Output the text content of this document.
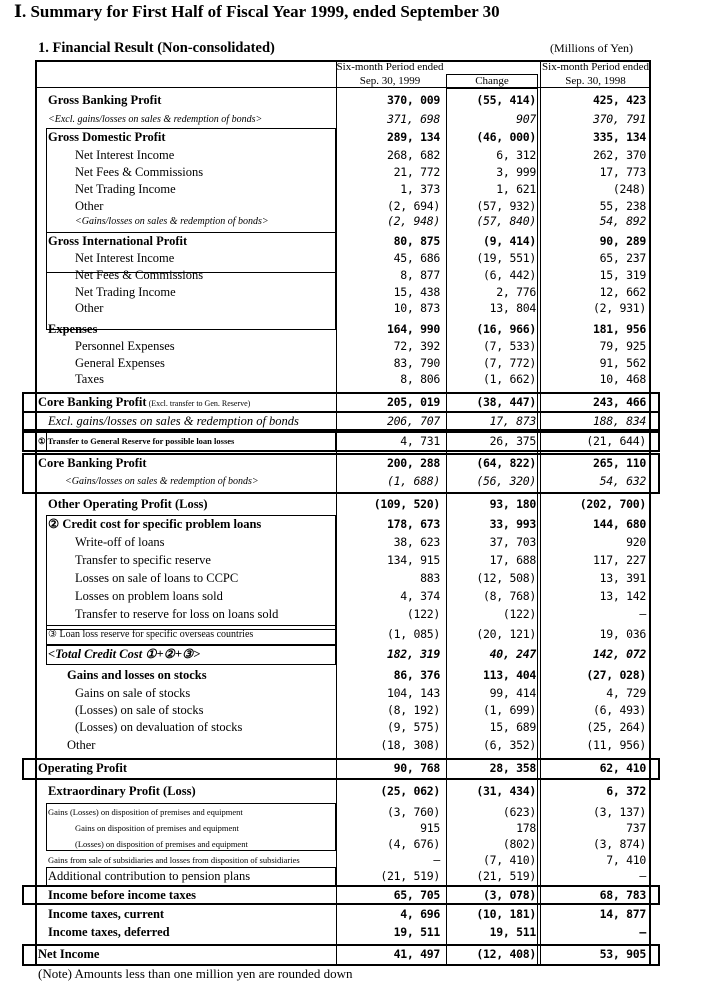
Ⅰ. Summary for First Half of Fiscal Year 1999, ended September 30
1. Financial Result (Non-consolidated)	(Millions of Yen)
Six-month Period ended Sep. 30, 1999	Change
Six-month Period ended Sep. 30, 1998
Gross Banking Profit	370, 009	(55, 414)	425, 423
<Excl. gains/losses on sales & redemption of bonds>	371, 698	907	370, 791
Gross Domestic Profit	289, 134	(46, 000)	335, 134
Net Interest Income	268, 682	6, 312	262, 370
Net Fees & Commissions	21, 772	3, 999	17, 773
Net Trading Income	1, 373	1, 621	(248)
Other	(2, 694)	(57, 932)	55, 238
<Gains/losses on sales & redemption of bonds>	(2, 948)	(57, 840)	54, 892
Gross International Profit	80, 875	(9, 414)	90, 289
Net Interest Income	45, 686	(19, 551)	65, 237
Net Fees & Commissions	8, 877	(6, 442)	15, 319
Net Trading Income	15, 438	2, 776	12, 662
Other	10, 873	13, 804	(2, 931)
Expenses	164, 990	(16, 966)	181, 956
Personnel Expenses	72, 392	(7, 533)	79, 925
General Expenses	83, 790	(7, 772)	91, 562
Taxes	8, 806	(1, 662)	10, 468
Core Banking Profit (Excl. transfer to Gen. Reserve)	205, 019	(38, 447)	243, 466
Excl. gains/losses on sales & redemption of bonds	206, 707	17, 873	188, 834
① Transfer to General Reserve for possible loan losses	4, 731	26, 375	(21, 644)
Core Banking Profit	200, 288	(64, 822)	265, 110
<Gains/losses on sales & redemption of bonds>	(1, 688)	(56, 320)	54, 632
Other Operating Profit (Loss)	(109, 520)	93, 180	(202, 700)
② Credit cost for specific problem loans	178, 673	33, 993	144, 680
Write-off of loans	38, 623	37, 703	920
Transfer to specific reserve	134, 915	17, 688	117, 227
Losses on sale of loans to CCPC	883	(12, 508)	13, 391
Losses on problem loans sold	4, 374	(8, 768)	13, 142
Transfer to reserve for loss on loans sold	(122)	(122)	—
③ Loan loss reserve for specific overseas countries	(1, 085)	(20, 121)	19, 036
<Total Credit Cost ①+②+③>	182, 319	40, 247	142, 072
Gains and losses on stocks	86, 376	113, 404	(27, 028)
Gains on sale of stocks	104, 143	99, 414	4, 729
(Losses) on sale of stocks	(8, 192)	(1, 699)	(6, 493)
(Losses) on devaluation of stocks	(9, 575)	15, 689	(25, 264)
Other	(18, 308)	(6, 352)	(11, 956)
Operating Profit	90, 768	28, 358	62, 410
Extraordinary Profit (Loss)	(25, 062)	(31, 434)	6, 372
Gains (Losses) on disposition of premises and equipment	(3, 760)	(623)	(3, 137)
Gains on disposition of premises and equipment	915	178	737
(Losses) on disposition of premises and equipment	(4, 676)	(802)	(3, 874)
Gains from sale of subsidiaries and losses from disposition of subsidiaries	—	(7, 410)	7, 410
Additional contribution to pension plans	(21, 519)	(21, 519)	—
Income before income taxes	65, 705	(3, 078)	68, 783
Income taxes, current	4, 696	(10, 181)	14, 877
Income taxes, deferred	19, 511	19, 511	—
Net Income	41, 497	(12, 408)	53, 905
(Note) Amounts less than one million yen are rounded down
